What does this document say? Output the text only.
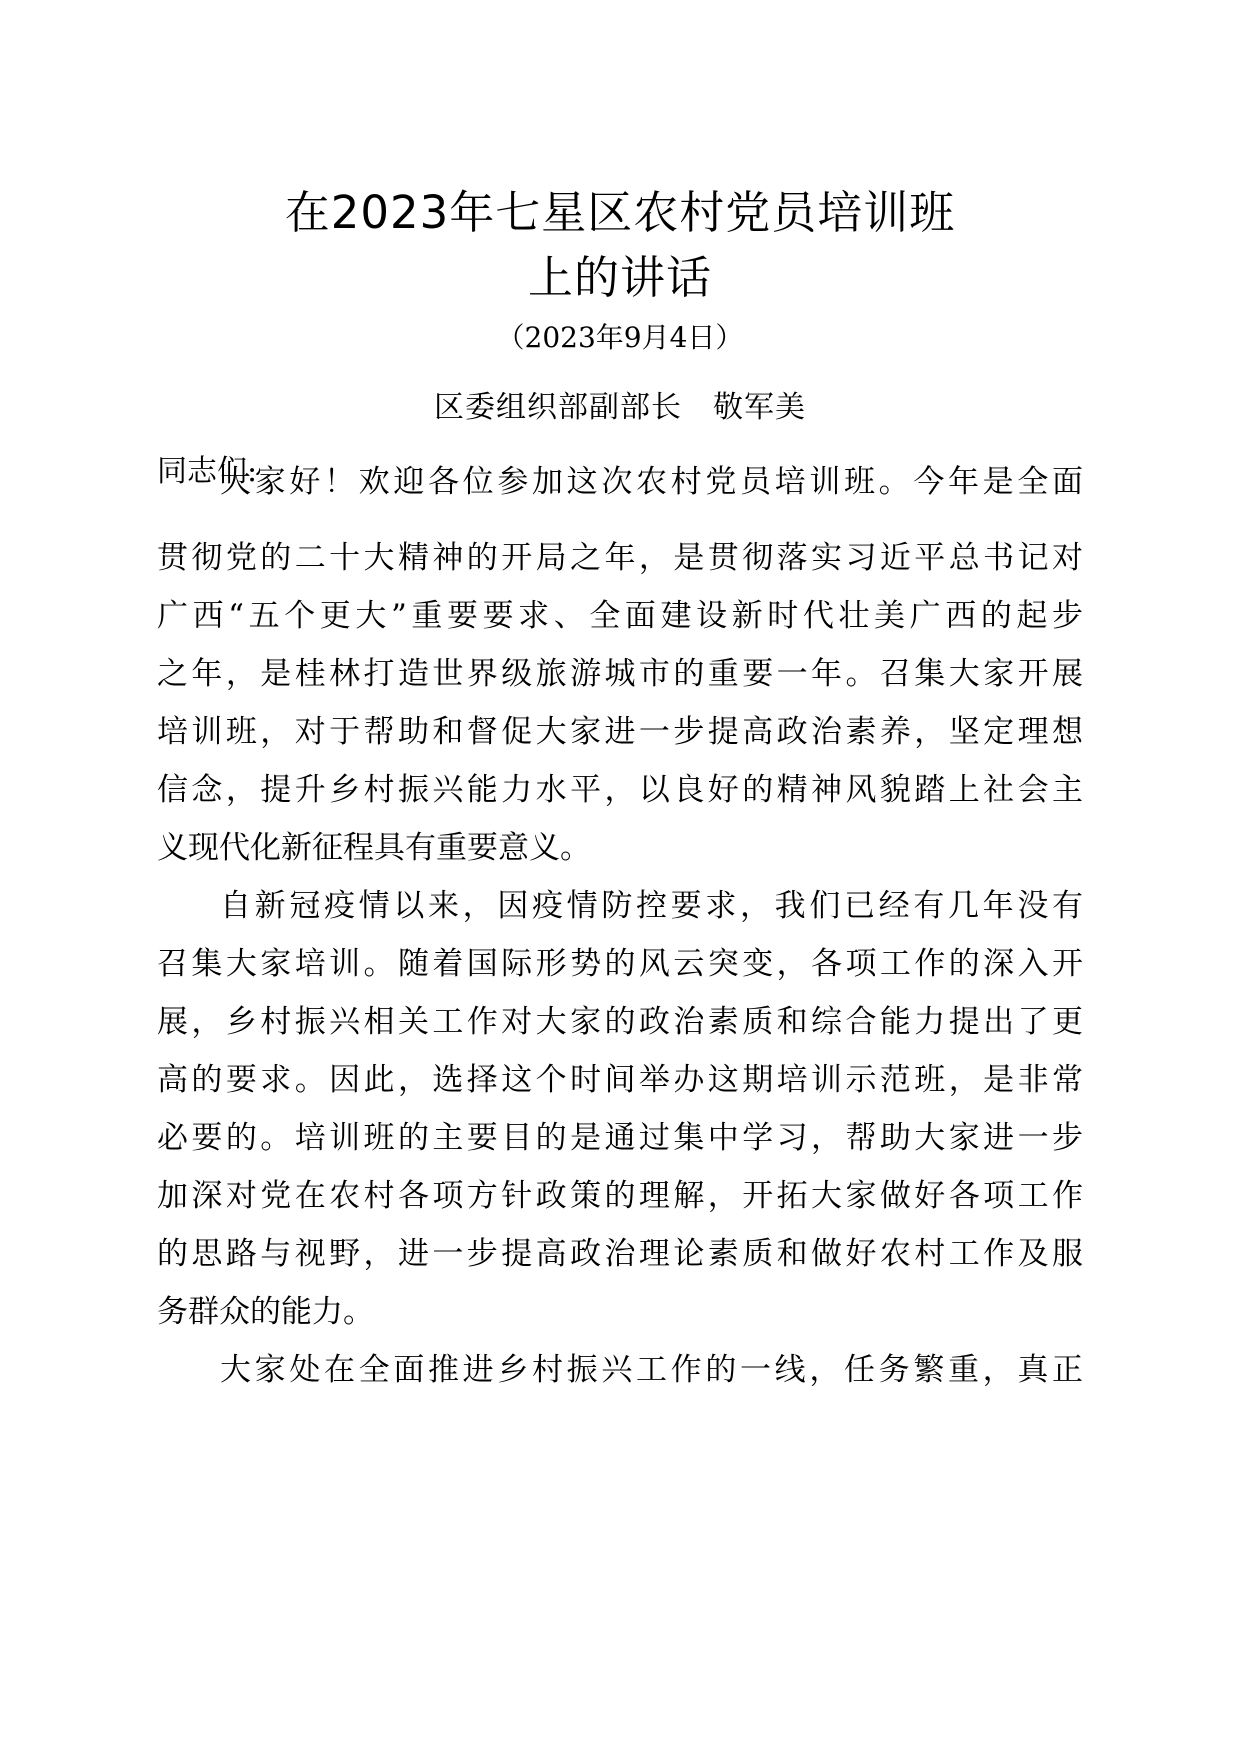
在2023年七星区农村党员培训班
上的讲话
（2023年9月4日）
区委组织部副部长　敬军美
同志们:
大家好！欢迎各位参加这次农村党员培训班。今年是全面
贯彻党的二十大精神的开局之年，是贯彻落实习近平总书记对
广西“五个更大”重要要求、全面建设新时代壮美广西的起步
之年，是桂林打造世界级旅游城市的重要一年。召集大家开展
培训班，对于帮助和督促大家进一步提高政治素养，坚定理想
信念，提升乡村振兴能力水平，以良好的精神风貌踏上社会主
义现代化新征程具有重要意义。
自新冠疫情以来，因疫情防控要求，我们已经有几年没有
召集大家培训。随着国际形势的风云突变，各项工作的深入开
展，乡村振兴相关工作对大家的政治素质和综合能力提出了更
高的要求。因此，选择这个时间举办这期培训示范班，是非常
必要的。培训班的主要目的是通过集中学习，帮助大家进一步
加深对党在农村各项方针政策的理解，开拓大家做好各项工作
的思路与视野，进一步提高政治理论素质和做好农村工作及服
务群众的能力。
大家处在全面推进乡村振兴工作的一线，任务繁重，真正
